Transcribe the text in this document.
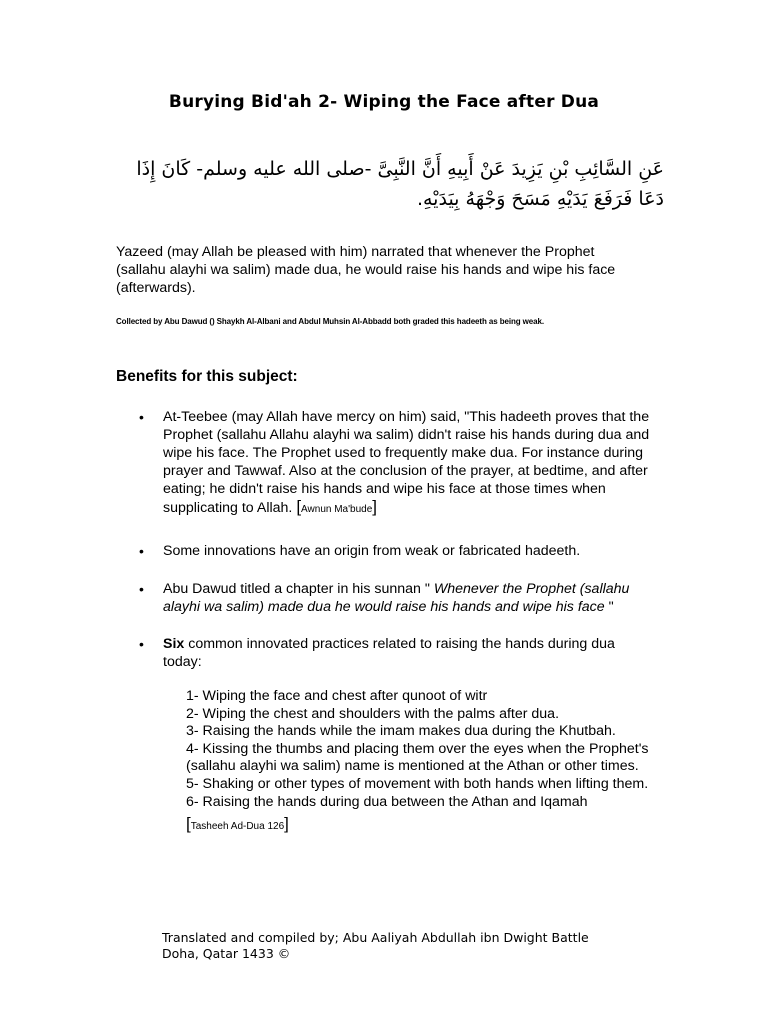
Burying Bid'ah 2- Wiping the Face after Dua
عَنِ السَّائِبِ بْنِ يَزِيدَ عَنْ أَبِيهِ أَنَّ النَّبِىَّ -صلى الله عليه وسلم- كَانَ إِذَا
دَعَا فَرَفَعَ يَدَيْهِ مَسَحَ وَجْهَهُ بِيَدَيْهِ.
Yazeed (may Allah be pleased with him) narrated that whenever the Prophet (sallahu alayhi wa salim) made dua, he would raise his hands and wipe his face (afterwards).
Collected by Abu Dawud () Shaykh Al-Albani and Abdul Muhsin Al-Abbadd both graded this hadeeth as being weak.
Benefits for this subject:
•	At-Teebee (may Allah have mercy on him) said, "This hadeeth proves that the Prophet (sallahu Allahu alayhi wa salim) didn't raise his hands during dua and wipe his face. The Prophet used to frequently make dua. For instance during prayer and Tawwaf. Also at the conclusion of the prayer, at bedtime, and after eating; he didn't raise his hands and wipe his face at those times when supplicating to Allah. [Awnun Ma'bude]
•	Some innovations have an origin from weak or fabricated hadeeth.
•	Abu Dawud titled a chapter in his sunnan " Whenever the Prophet (sallahu alayhi wa salim) made dua he would raise his hands and wipe his face "
•	Six common innovated practices related to raising the hands during dua today:
1- Wiping the face and chest after qunoot of witr
2- Wiping the chest and shoulders with the palms after dua.
3- Raising the hands while the imam makes dua during the Khutbah.
4- Kissing the thumbs and placing them over the eyes when the Prophet's (sallahu alayhi wa salim) name is mentioned at the Athan or other times.
5- Shaking or other types of movement with both hands when lifting them.
6- Raising the hands during dua between the Athan and Iqamah
[Tasheeh Ad-Dua 126]
Translated and compiled by; Abu Aaliyah Abdullah ibn Dwight Battle
Doha, Qatar 1433 ©
